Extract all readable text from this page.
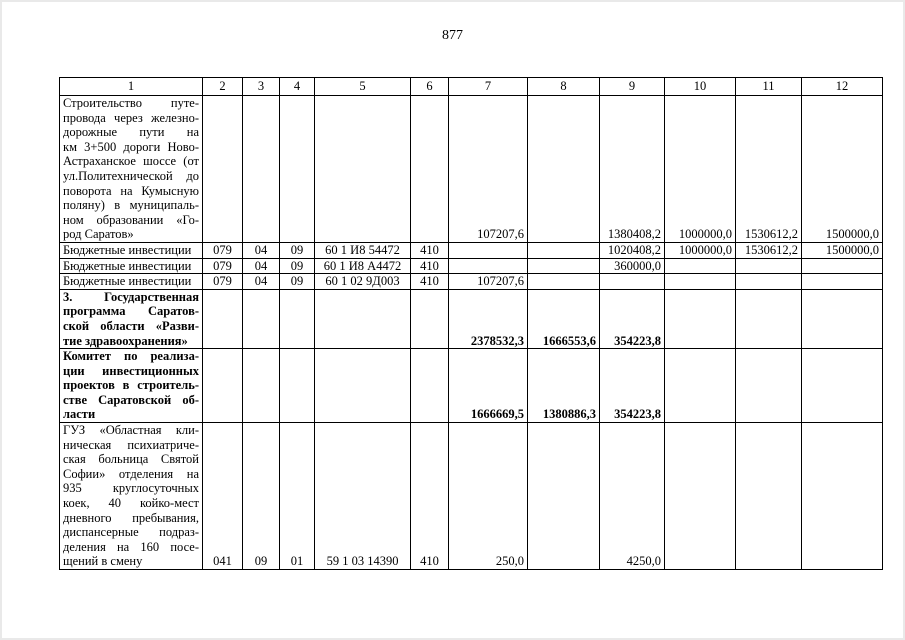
877
1	2	3	4	5	6	7	8	9	10	11	12

Строительство путе-
провода через железно-
дорожные пути на
км 3+500 дороги Ново-
Астраханское шоссе (от
ул.Политехнической до
поворота на Кумысную
поляну) в муниципаль-
ном образовании «Го-
род Саратов»						107207,6		1380408,2	1000000,0	1530612,2	1500000,0
Бюджетные инвестиции	079	04	09	60 1 И8 54472	410			1020408,2	1000000,0	1530612,2	1500000,0
Бюджетные инвестиции	079	04	09	60 1 И8 А4472	410			360000,0			
Бюджетные инвестиции	079	04	09	60 1 02 9Д003	410	107207,6					

3. Государственная
программа Саратов-
ской области «Разви-
тие здравоохранения»						2378532,3	1666553,6	354223,8			

Комитет по реализа-
ции инвестиционных
проектов в строитель-
стве Саратовской об-
ласти						1666669,5	1380886,3	354223,8			

ГУЗ «Областная кли-
ническая психиатриче-
ская больница Святой
Софии» отделения на
935 круглосуточных
коек, 40 койко-мест
дневного пребывания,
диспансерные подраз-
деления на 160 посе-
щений в смену	041	09	01	59 1 03 14390	410	250,0		4250,0			
